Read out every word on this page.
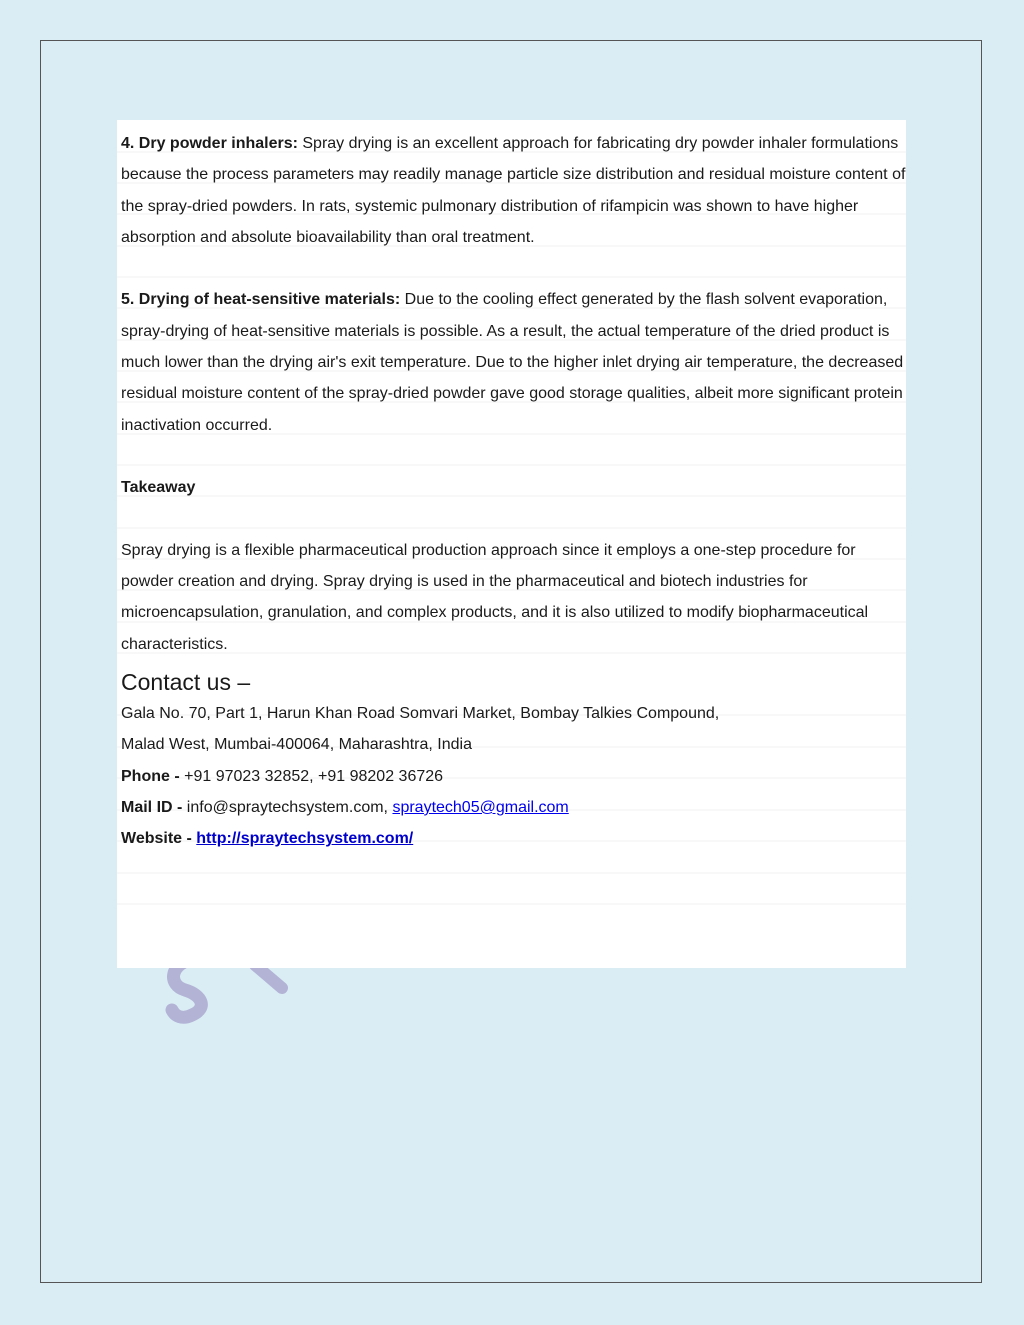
4. Dry powder inhalers: Spray drying is an excellent approach for fabricating dry powder inhaler formulations because the process parameters may readily manage particle size distribution and residual moisture content of the spray-dried powders. In rats, systemic pulmonary distribution of rifampicin was shown to have higher absorption and absolute bioavailability than oral treatment.

5. Drying of heat-sensitive materials: Due to the cooling effect generated by the flash solvent evaporation, spray-drying of heat-sensitive materials is possible. As a result, the actual temperature of the dried product is much lower than the drying air's exit temperature. Due to the higher inlet drying air temperature, the decreased residual moisture content of the spray-dried powder gave good storage qualities, albeit more significant protein inactivation occurred.

Takeaway

Spray drying is a flexible pharmaceutical production approach since it employs a one-step procedure for powder creation and drying. Spray drying is used in the pharmaceutical and biotech industries for microencapsulation, granulation, and complex products, and it is also utilized to modify biopharmaceutical characteristics.

Contact us –

Gala No. 70, Part 1, Harun Khan Road Somvari Market, Bombay Talkies Compound,

Malad West, Mumbai-400064, Maharashtra, India

Phone - +91 97023 32852, +91 98202 36726

Mail ID - info@spraytechsystem.com, spraytech05@gmail.com

Website - http://spraytechsystem.com/
